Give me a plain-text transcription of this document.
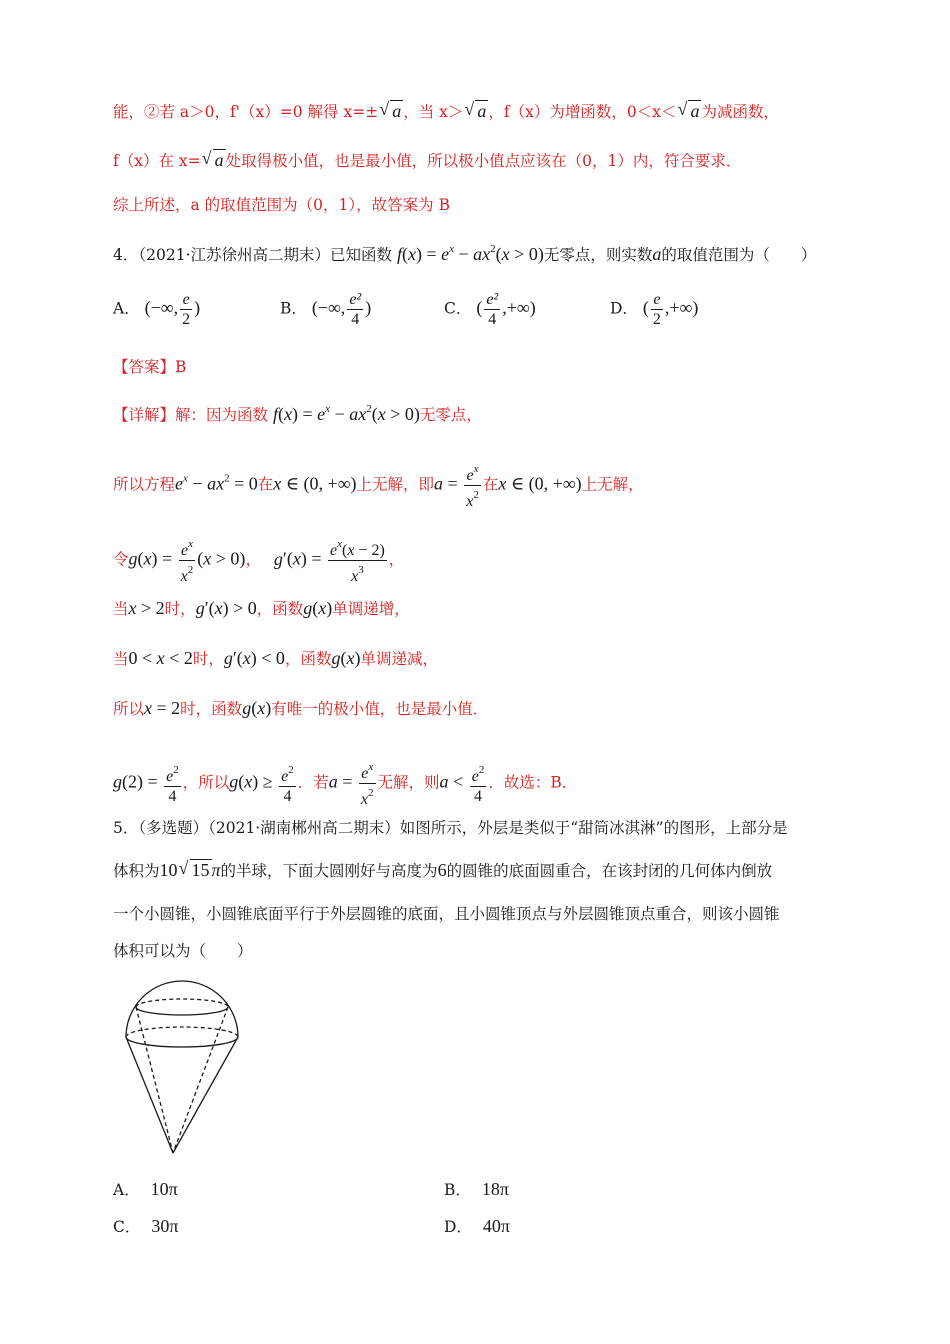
能，②若 a＞0，f'（x）=0 解得 x=± √ a ，当 x＞ √ a ，f（x）为增函数，0＜x＜ √ a 为减函数，
f（x）在 x= √ a 处取得极小值，也是最小值，所以极小值点应该在（0，1）内，符合要求．
综上所述，a 的取值范围为（0，1），故答案为 B
4．（2021·江苏徐州高二期末）已知函数 $f(x) = e^x - ax^2(x > 0)$无零点，则实数a的取值范围为（　　）
A． (−∞, $\frac{e}{2}$ )	B． (−∞, $\frac{\text{e²}}{4}$ )	C． ( $\frac{\text{e²}}{4}$ ,+∞)	D． ( $\frac{e}{2}$ ,+∞)
【答案】B
【详解】解：因为函数 $f(x) = e^x - ax^2(x > 0)$无零点，
所以方程$e^x - ax^2 = 0$在x ∈ (0, +∞)上无解，即$a = \frac{e^x}{x^2}$ 在x ∈ (0, +∞)上无解，
令$g(x) = \frac{e^x}{x^2} (x > 0)$， $g'(x) = \frac{e^x(x - 2)}{x^3}$ ，
当x > 2时，g′(x) > 0，函数g(x)单调递增，
当0 < x < 2时，g′(x) < 0，函数g(x)单调递减，
所以x = 2时，函数g(x)有唯一的极小值，也是最小值．
$g(2) = \frac{e^2}{4}$ ，所以$g(x) \ge \frac{e^2}{4}$ ．若$a = \frac{e^x}{x^2}$ 无解，则$a < \frac{e^2}{4}$ ．故选：B．
5．（多选题）（2021·湖南郴州高二期末）如图所示，外层是类似于“甜筒冰淇淋”的图形，上部分是
体积为10 √ 15 π的半球，下面大圆刚好与高度为6的圆锥的底面圆重合，在该封闭的几何体内倒放
一个小圆锥，小圆锥底面平行于外层圆锥的底面，且小圆锥顶点与外层圆锥顶点重合，则该小圆锥
体积可以为（　　）
A． 10π	B． 18π
C． 30π	D． 40π
